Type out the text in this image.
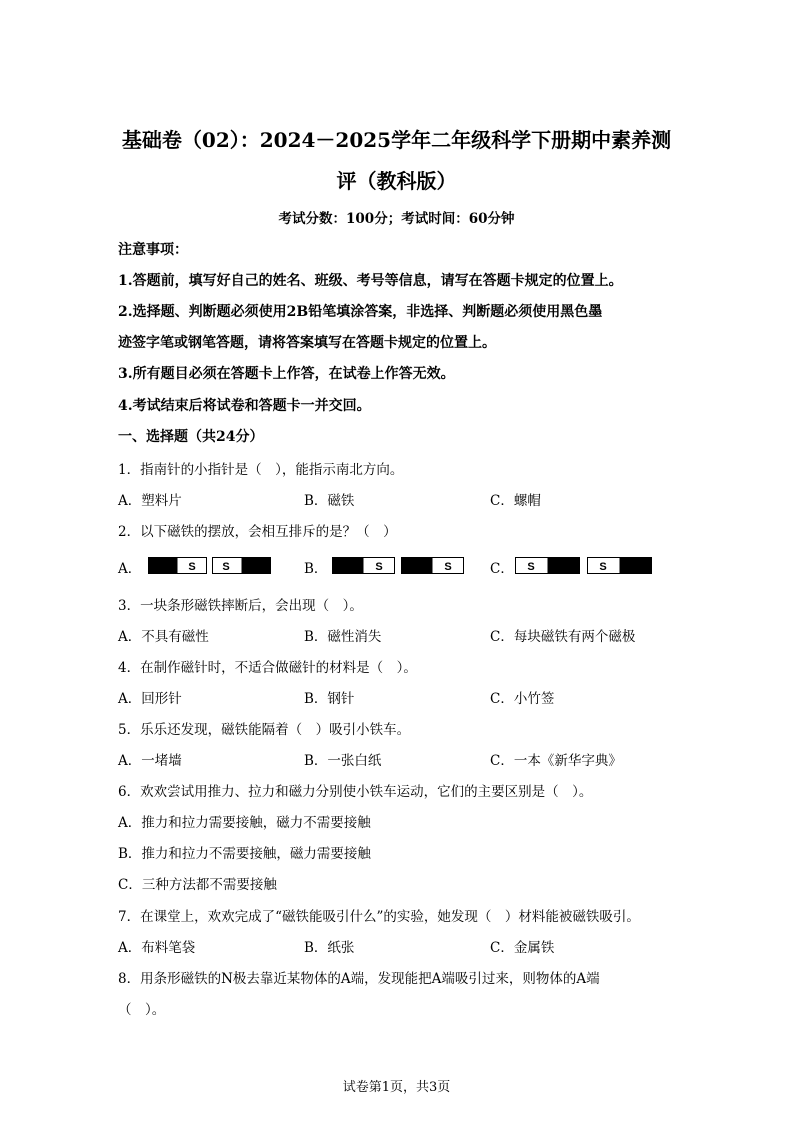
基础卷（02）：2024－2025学年二年级科学下册期中素养测
评（教科版）
考试分数：100分；考试时间：60分钟
注意事项：
1.答题前，填写好自己的姓名、班级、考号等信息，请写在答题卡规定的位置上。
2.选择题、判断题必须使用2B铅笔填涂答案，非选择、判断题必须使用黑色墨
迹签字笔或钢笔答题，请将答案填写在答题卡规定的位置上。
3.所有题目必须在答题卡上作答，在试卷上作答无效。
4.考试结束后将试卷和答题卡一并交回。
一、选择题（共24分）
1．指南针的小指针是（　），能指示南北方向。
A．塑料片	B．磁铁	C．螺帽
2．以下磁铁的摆放，会相互排斥的是？（　）
A．	B．	C．
S S	S	S	S	S
3．一块条形磁铁摔断后，会出现（　）。
A．不具有磁性	B．磁性消失	C．每块磁铁有两个磁极
4．在制作磁针时，不适合做磁针的材料是（　）。
A．回形针	B．钢针	C．小竹签
5．乐乐还发现，磁铁能隔着（　）吸引小铁车。
A．一堵墙	B．一张白纸	C．一本《新华字典》
6．欢欢尝试用推力、拉力和磁力分别使小铁车运动，它们的主要区别是（　）。
A．推力和拉力需要接触，磁力不需要接触
B．推力和拉力不需要接触，磁力需要接触
C．三种方法都不需要接触
7．在课堂上，欢欢完成了“磁铁能吸引什么”的实验，她发现（　）材料能被磁铁吸引。
A．布料笔袋	B．纸张	C．金属铁
8．用条形磁铁的N极去靠近某物体的A端，发现能把A端吸引过来，则物体的A端
（　）。
试卷第1页，共3页
